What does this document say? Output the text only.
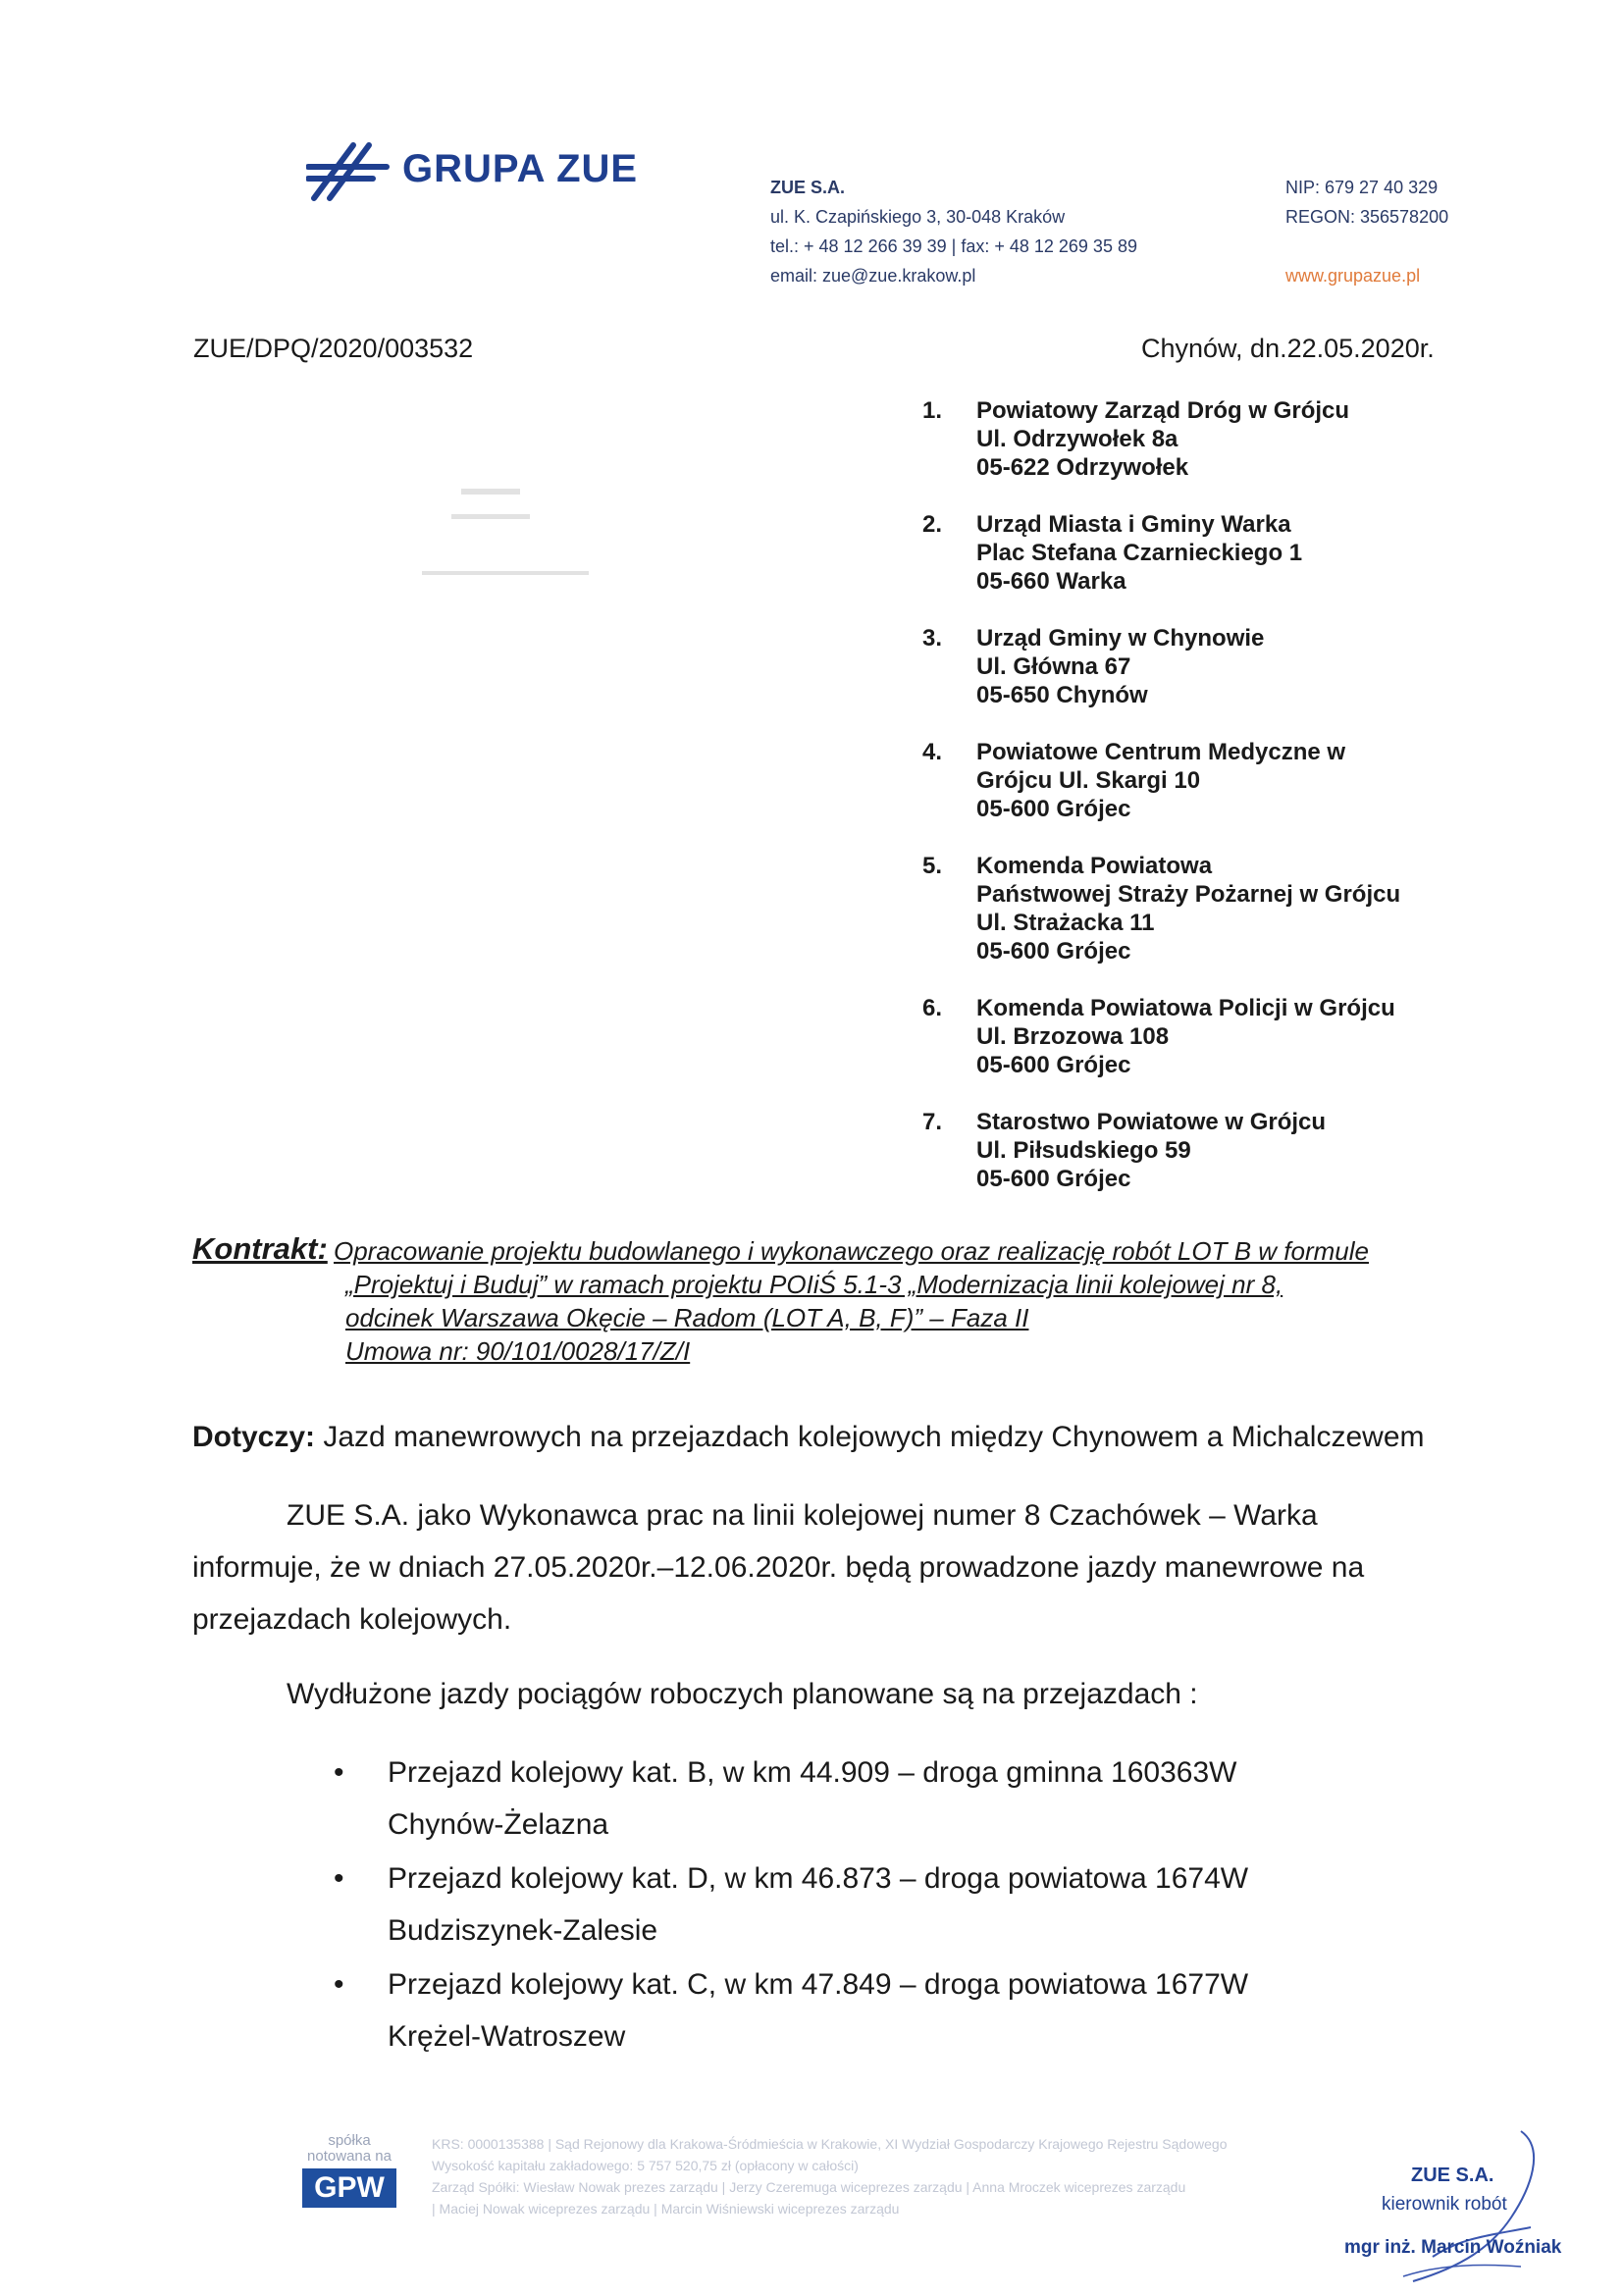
GRUPA ZUE	ZUE S.A.
ul. K. Czapińskiego 3, 30-048 Kraków
tel.: + 48 12 266 39 39 | fax: + 48 12 269 35 89
email: zue@zue.krakow.pl
NIP: 679 27 40 329
REGON: 356578200
www.grupazue.pl
ZUE/DPQ/2020/003532	Chynów, dn.22.05.2020r.
1. Powiatowy Zarząd Dróg w Grójcu
Ul. Odrzywołek 8a
05-622 Odrzywołek
2. Urząd Miasta i Gminy Warka
Plac Stefana Czarnieckiego 1
05-660 Warka
3. Urząd Gminy w Chynowie
Ul. Główna 67
05-650 Chynów
4. Powiatowe Centrum Medyczne w
Grójcu Ul. Skargi 10
05-600 Grójec
5. Komenda Powiatowa
Państwowej Straży Pożarnej w Grójcu
Ul. Strażacka 11
05-600 Grójec
6. Komenda Powiatowa Policji w Grójcu
Ul. Brzozowa 108
05-600 Grójec
7. Starostwo Powiatowe w Grójcu
Ul. Piłsudskiego 59
05-600 Grójec
Kontrakt: Opracowanie projektu budowlanego i wykonawczego oraz realizację robót LOT B w formule
„Projektuj i Buduj” w ramach projektu POIiŚ 5.1-3 „Modernizacja linii kolejowej nr 8,
odcinek Warszawa Okęcie – Radom (LOT A, B, F)” – Faza II
Umowa nr: 90/101/0028/17/Z/I
Dotyczy: Jazd manewrowych na przejazdach kolejowych między Chynowem a Michalczewem
ZUE S.A. jako Wykonawca prac na linii kolejowej numer 8 Czachówek – Warka
informuje, że w dniach 27.05.2020r.–12.06.2020r. będą prowadzone jazdy manewrowe na
przejazdach kolejowych.
Wydłużone jazdy pociągów roboczych planowane są na przejazdach :
• Przejazd kolejowy kat. B, w km 44.909 – droga gminna 160363W
Chynów-Żelazna
• Przejazd kolejowy kat. D, w km 46.873 – droga powiatowa 1674W
Budziszynek-Zalesie
• Przejazd kolejowy kat. C, w km 47.849 – droga powiatowa 1677W
Krężel-Watroszew
spółka notowana na
GPW
KRS: 0000135388 | Sąd Rejonowy dla Krakowa-Śródmieścia w Krakowie, XI Wydział Gospodarczy Krajowego Rejestru Sądowego
Wysokość kapitału zakładowego: 5 757 520,75 zł (opłacony w całości)
Zarząd Spółki: Wiesław Nowak prezes zarządu | Jerzy Czeremuga wiceprezes zarządu | Anna Mroczek wiceprezes zarządu
| Maciej Nowak wiceprezes zarządu | Marcin Wiśniewski wiceprezes zarządu
ZUE S.A.
kierownik robót
mgr inż. Marcin Woźniak
